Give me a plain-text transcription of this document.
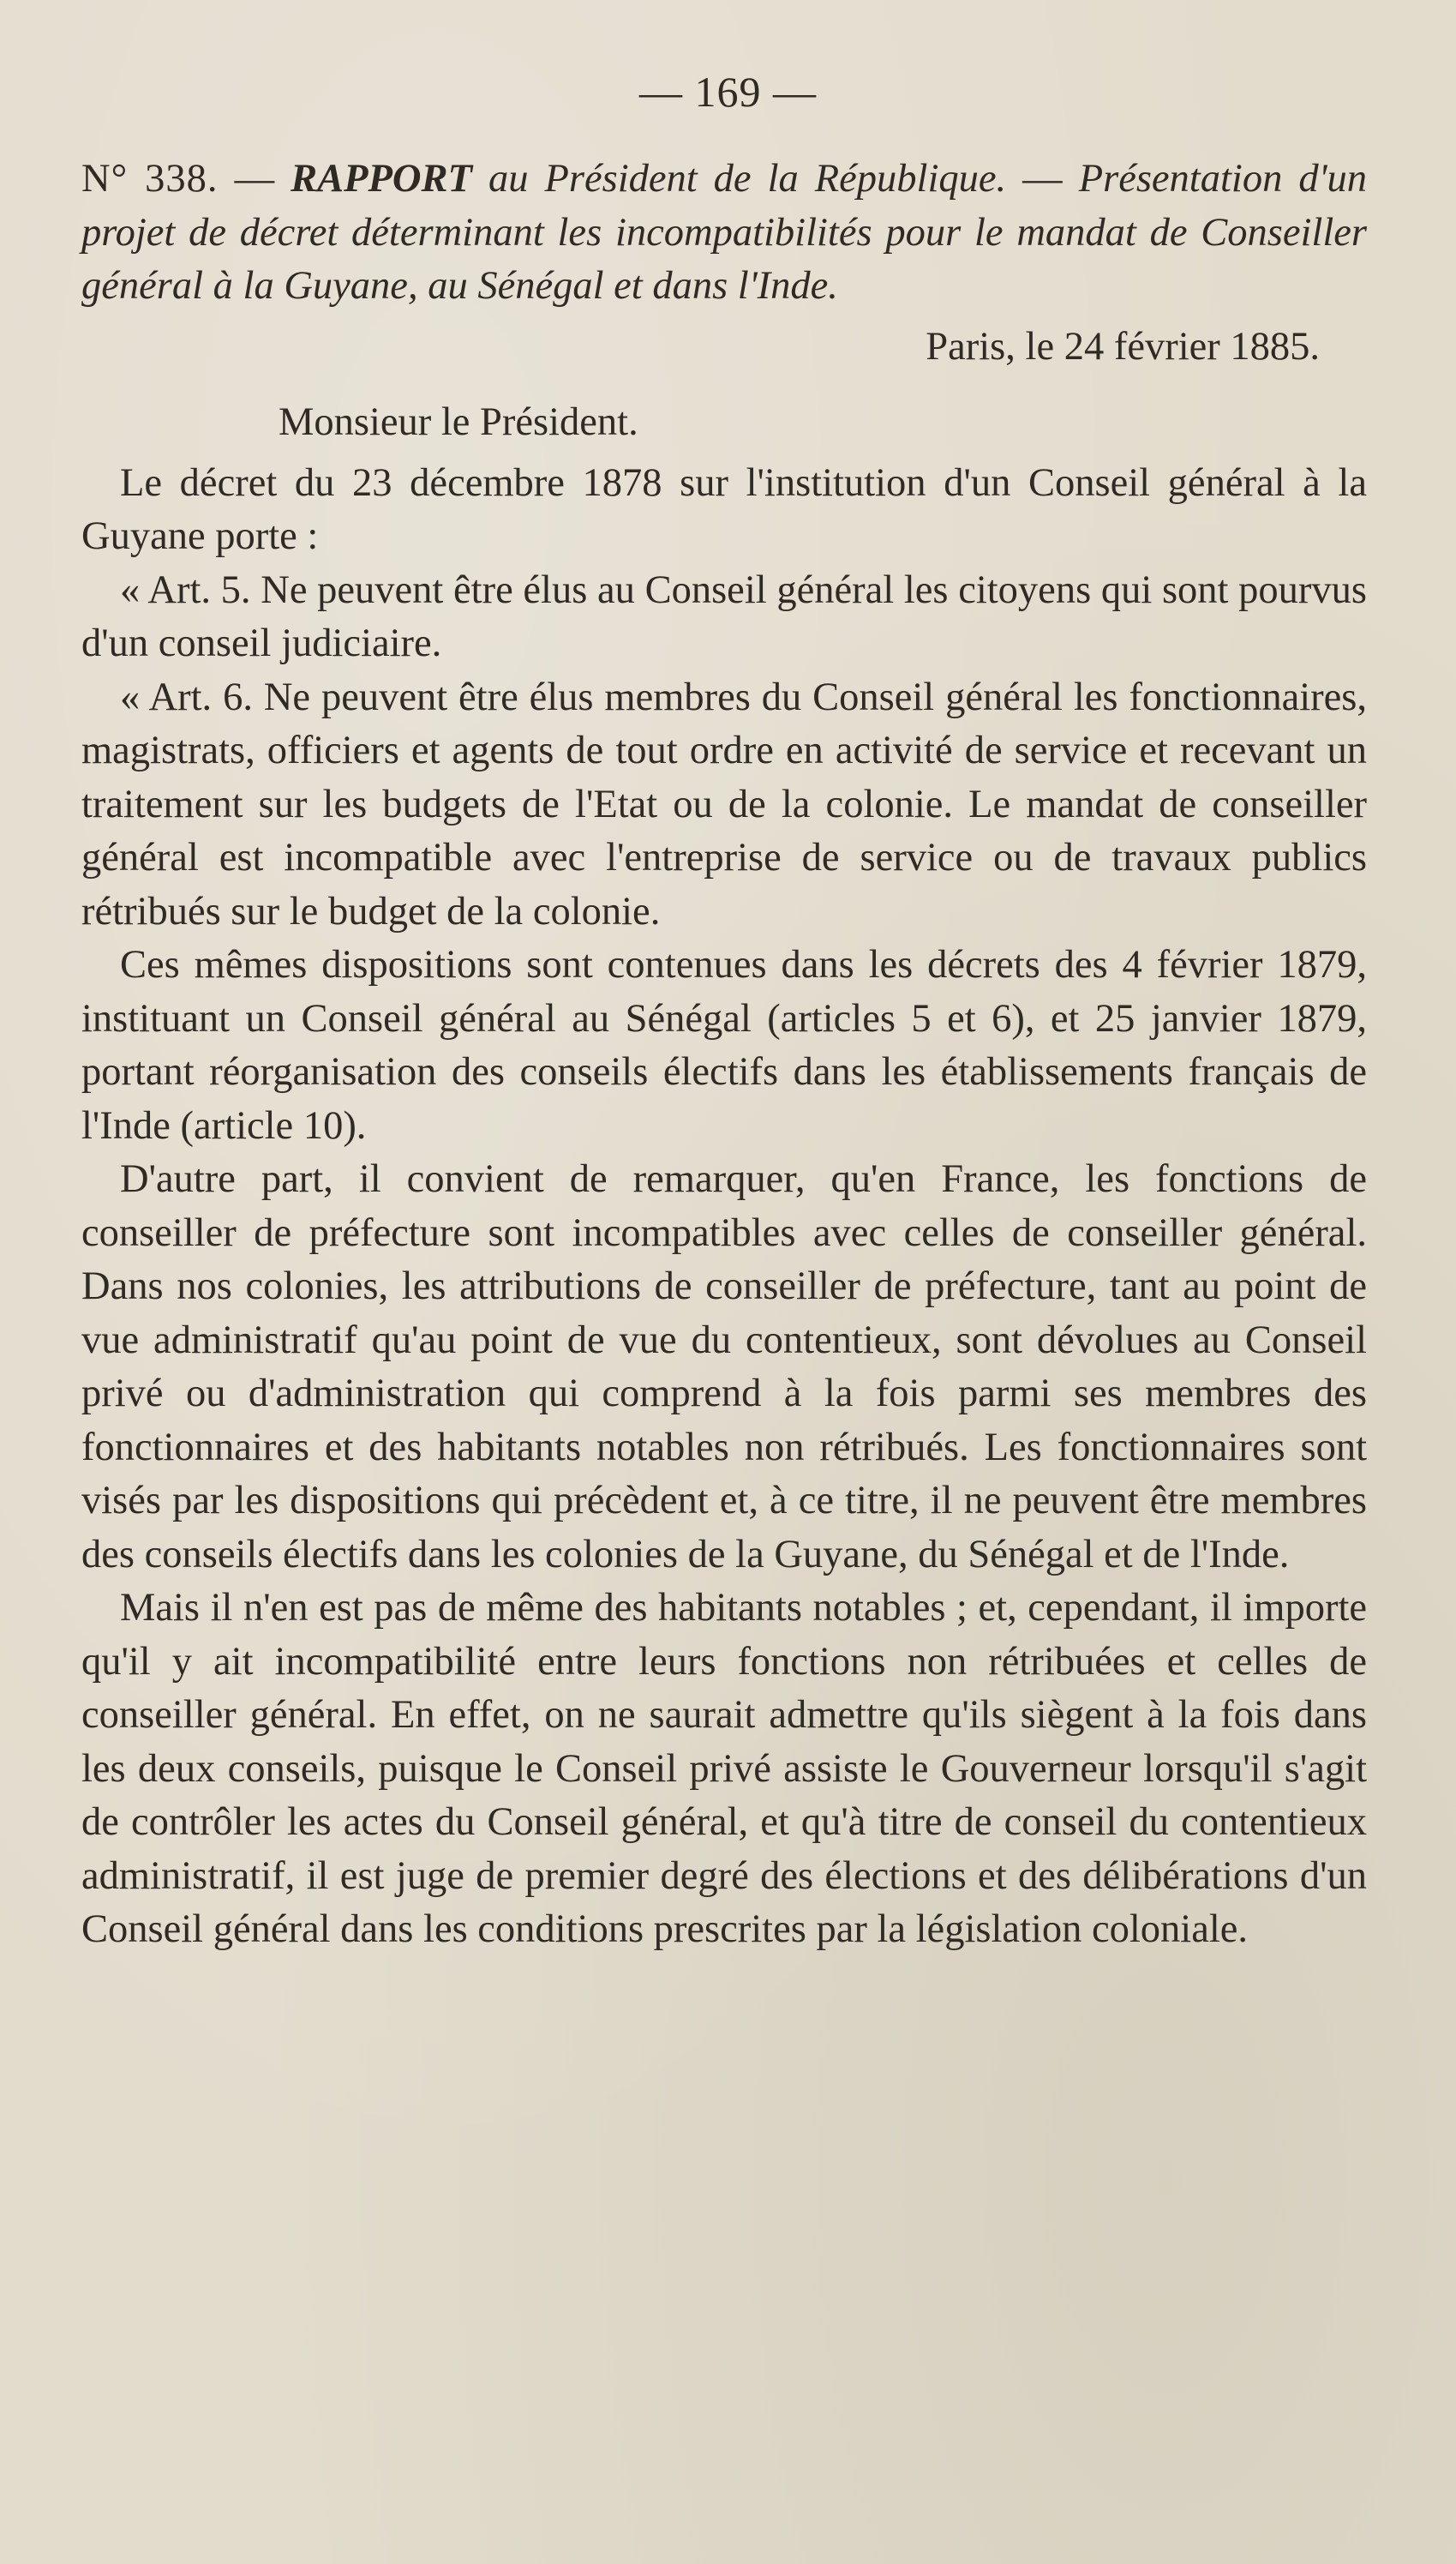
— 169 —

N° 338. — RAPPORT au Président de la République. — Présentation d'un projet de décret déterminant les incompatibilités pour le mandat de Conseiller général à la Guyane, au Sénégal et dans l'Inde.

Paris, le 24 février 1885.

Monsieur le Président.

Le décret du 23 décembre 1878 sur l'institution d'un Conseil général à la Guyane porte :

« Art. 5. Ne peuvent être élus au Conseil général les citoyens qui sont pourvus d'un conseil judiciaire.

« Art. 6. Ne peuvent être élus membres du Conseil général les fonctionnaires, magistrats, officiers et agents de tout ordre en activité de service et recevant un traitement sur les budgets de l'Etat ou de la colonie. Le mandat de conseiller général est incompatible avec l'entreprise de service ou de travaux publics rétribués sur le budget de la colonie.

Ces mêmes dispositions sont contenues dans les décrets des 4 février 1879, instituant un Conseil général au Sénégal (articles 5 et 6), et 25 janvier 1879, portant réorganisation des conseils électifs dans les établissements français de l'Inde (article 10).

D'autre part, il convient de remarquer, qu'en France, les fonctions de conseiller de préfecture sont incompatibles avec celles de conseiller général. Dans nos colonies, les attributions de conseiller de préfecture, tant au point de vue administratif qu'au point de vue du contentieux, sont dévolues au Conseil privé ou d'administration qui comprend à la fois parmi ses membres des fonctionnaires et des habitants notables non rétribués. Les fonctionnaires sont visés par les dispositions qui précèdent et, à ce titre, il ne peuvent être membres des conseils électifs dans les colonies de la Guyane, du Sénégal et de l'Inde.

Mais il n'en est pas de même des habitants notables ; et, cependant, il importe qu'il y ait incompatibilité entre leurs fonctions non rétribuées et celles de conseiller général. En effet, on ne saurait admettre qu'ils siègent à la fois dans les deux conseils, puisque le Conseil privé assiste le Gouverneur lorsqu'il s'agit de contrôler les actes du Conseil général, et qu'à titre de conseil du contentieux administratif, il est juge de premier degré des élections et des délibérations d'un Conseil général dans les conditions prescrites par la législation coloniale.
